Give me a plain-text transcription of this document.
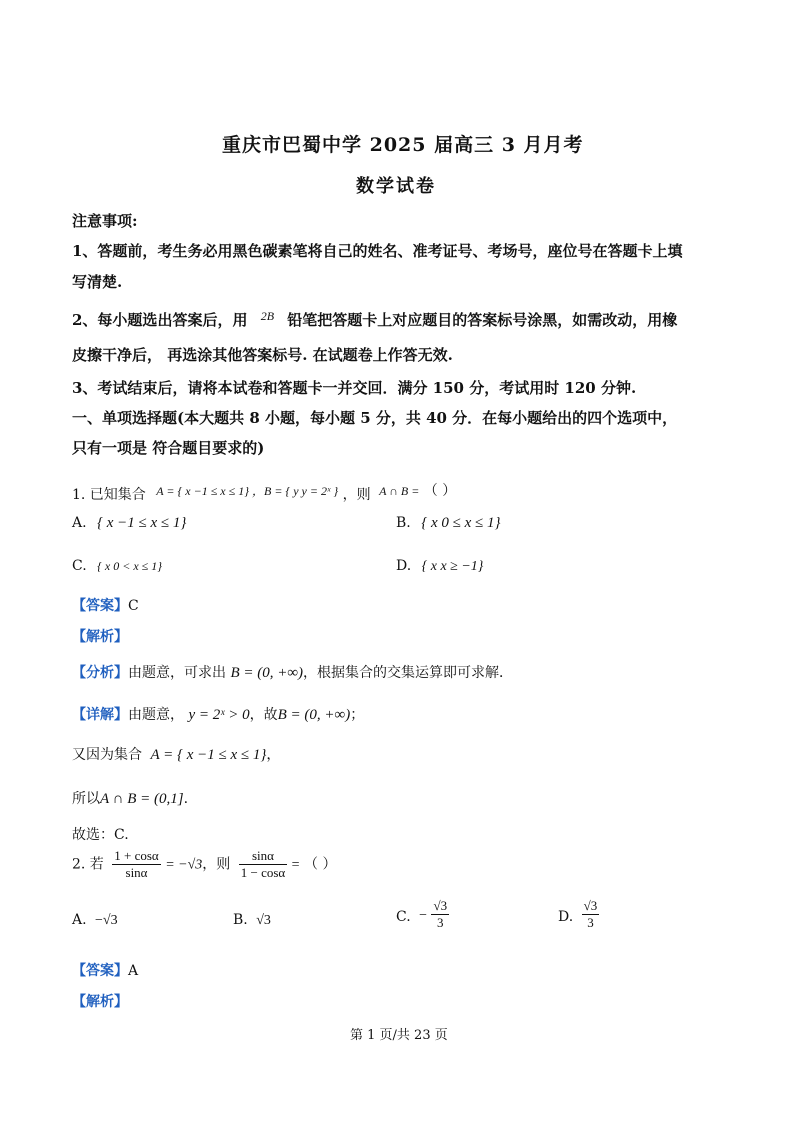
重庆市巴蜀中学 2025 届高三 3 月月考
数学试卷
注意事项:
1、答题前，考生务必用黑色碳素笔将自己的姓名、准考证号、考场号，座位号在答题卡上填
写清楚.
2、每小题选出答案后，用 $^{2B}$ 铅笔把答题卡上对应题目的答案标号涂黑，如需改动，用橡
皮擦干净后， 再选涂其他答案标号. 在试题卷上作答无效.
3、考试结束后，请将本试卷和答题卡一并交回．满分 150 分，考试用时 120 分钟.
一、单项选择题(本大题共 8 小题，每小题 5 分，共 40 分．在每小题给出的四个选项中，
只有一项是 符合题目要求的)
1. 已知集合 A = { x −1 ≤ x ≤ 1} ，B = { y y = 2ˣ } ，则 A ∩ B = （ ）
A. { x −1 ≤ x ≤ 1}	B. { x 0 ≤ x ≤ 1}
C. { x 0 < x ≤ 1}	D. { x x ≥ −1}
【答案】C
【解析】
【分析】由题意，可求出 B = (0, +∞)，根据集合的交集运算即可求解．
【详解】由题意， y = 2ˣ > 0，故B = (0, +∞)；
又因为集合 A = { x −1 ≤ x ≤ 1}，
所以A ∩ B = (0,1].
故选：C.
2. 若 $\frac{1 + \cos\alpha}{\sin\alpha} = -√3$，则 $\frac{\sin\alpha}{1 - \cos\alpha}$ = （ ）
A. −√3	B. √3	C. − $\frac{√3}{3}$	D. $\frac{√3}{3}$
【答案】A
【解析】
第 1 页/共 23 页
